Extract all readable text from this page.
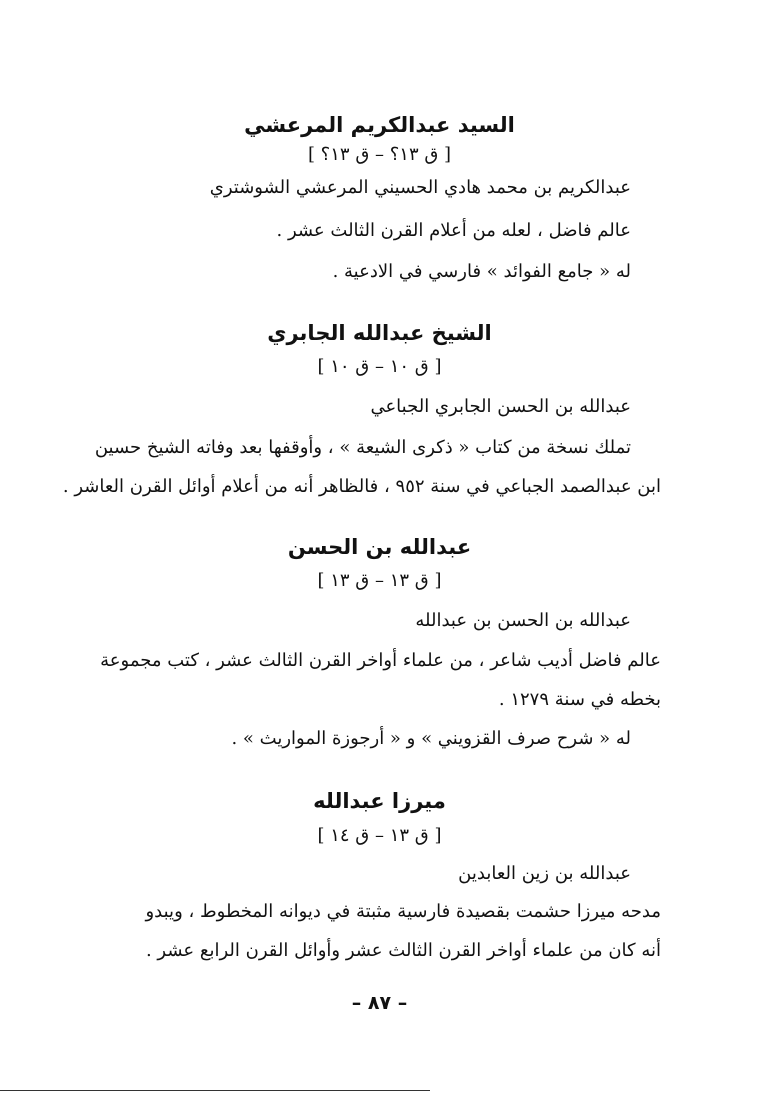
السيد عبدالكريم المرعشي
[ ق ١٣؟ – ق ١٣؟ ]
عبدالكريم بن محمد هادي الحسيني المرعشي الشوشتري
عالم فاضل ، لعله من أعلام القرن الثالث عشر .
له « جامع الفوائد » فارسي في الادعية .
الشيخ عبدالله الجابري
[ ق ١٠ – ق ١٠ ]
عبدالله بن الحسن الجابري الجباعي
تملك نسخة من كتاب « ذكرى الشيعة » ، وأوقفها بعد وفاته الشيخ حسين
ابن عبدالصمد الجباعي في سنة ٩٥٢ ، فالظاهر أنه من أعلام أوائل القرن العاشر .
عبدالله بن الحسن
[ ق ١٣ – ق ١٣ ]
عبدالله بن الحسن بن عبدالله
عالم فاضل أديب شاعر ، من علماء أواخر القرن الثالث عشر ، كتب مجموعة
بخطه في سنة ١٢٧٩ .
له « شرح صرف القزويني » و « أرجوزة المواريث » .
ميرزا عبدالله
[ ق ١٣ – ق ١٤ ]
عبدالله بن زين العابدين
مدحه ميرزا حشمت بقصيدة فارسية مثبتة في ديوانه المخطوط ، ويبدو
أنه كان من علماء أواخر القرن الثالث عشر وأوائل القرن الرابع عشر .
– ٨٧ –
